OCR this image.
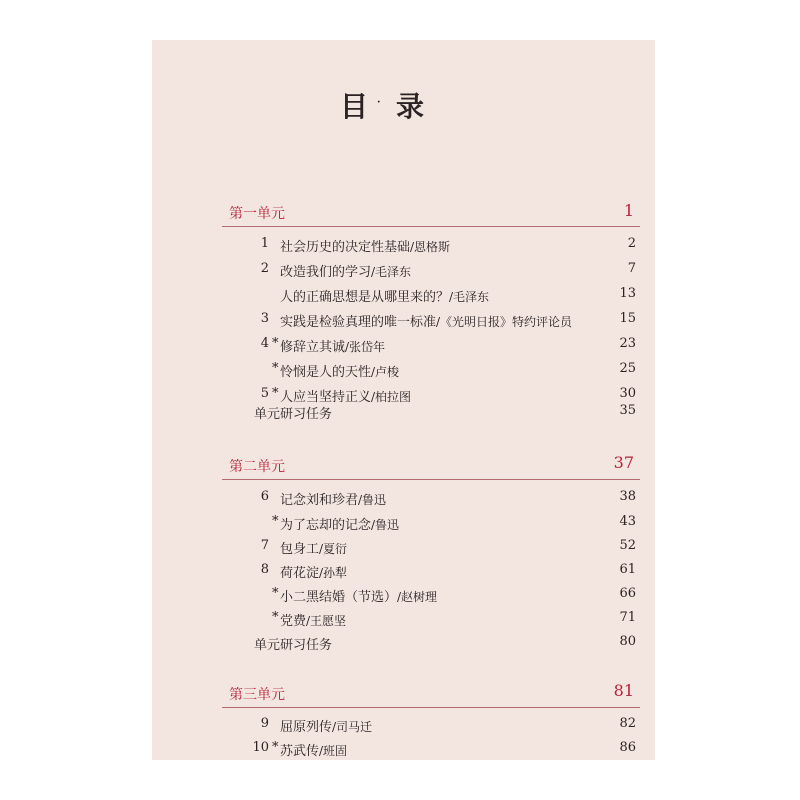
目 · 录
第一单元	1
1 社会历史的决定性基础/恩格斯	2
2 改造我们的学习/毛泽东	7
人的正确思想是从哪里来的？/毛泽东	13
3 实践是检验真理的唯一标准/《光明日报》特约评论员	15
4 * 修辞立其诚/张岱年	23
* 怜悯是人的天性/卢梭	25
5 * 人应当坚持正义/柏拉图	30
单元研习任务	35
第二单元	37
6 记念刘和珍君/鲁迅	38
* 为了忘却的记念/鲁迅	43
7 包身工/夏衍	52
8 荷花淀/孙犁	61
* 小二黑结婚（节选）/赵树理	66
* 党费/王愿坚	71
单元研习任务	80
第三单元	81
9 屈原列传/司马迁	82
10 * 苏武传/班固	86
